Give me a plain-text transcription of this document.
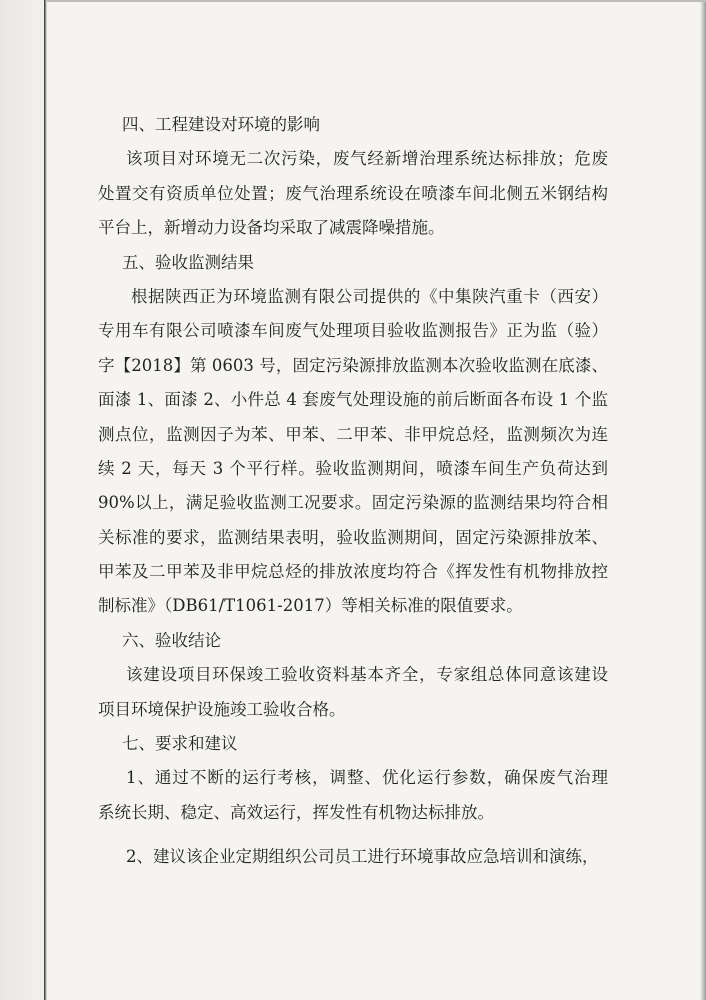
四、工程建设对环境的影响
该项目对环境无二次污染，废气经新增治理系统达标排放；危废
处置交有资质单位处置；废气治理系统设在喷漆车间北侧五米钢结构
平台上，新增动力设备均采取了减震降噪措施。
五、验收监测结果
根据陕西正为环境监测有限公司提供的《中集陕汽重卡（西安）
专用车有限公司喷漆车间废气处理项目验收监测报告》正为监（验）
字【2018】第 0603 号，固定污染源排放监测本次验收监测在底漆、
面漆 1、面漆 2、小件总 4 套废气处理设施的前后断面各布设 1 个监
测点位，监测因子为苯、甲苯、二甲苯、非甲烷总烃，监测频次为连
续 2 天，每天 3 个平行样。验收监测期间，喷漆车间生产负荷达到
90%以上，满足验收监测工况要求。固定污染源的监测结果均符合相
关标准的要求，监测结果表明，验收监测期间，固定污染源排放苯、
甲苯及二甲苯及非甲烷总烃的排放浓度均符合《挥发性有机物排放控
制标准》（DB61/T1061-2017）等相关标准的限值要求。
六、验收结论
该建设项目环保竣工验收资料基本齐全，专家组总体同意该建设
项目环境保护设施竣工验收合格。
七、要求和建议
1、通过不断的运行考核，调整、优化运行参数，确保废气治理
系统长期、稳定、高效运行，挥发性有机物达标排放。
2、建议该企业定期组织公司员工进行环境事故应急培训和演练，
